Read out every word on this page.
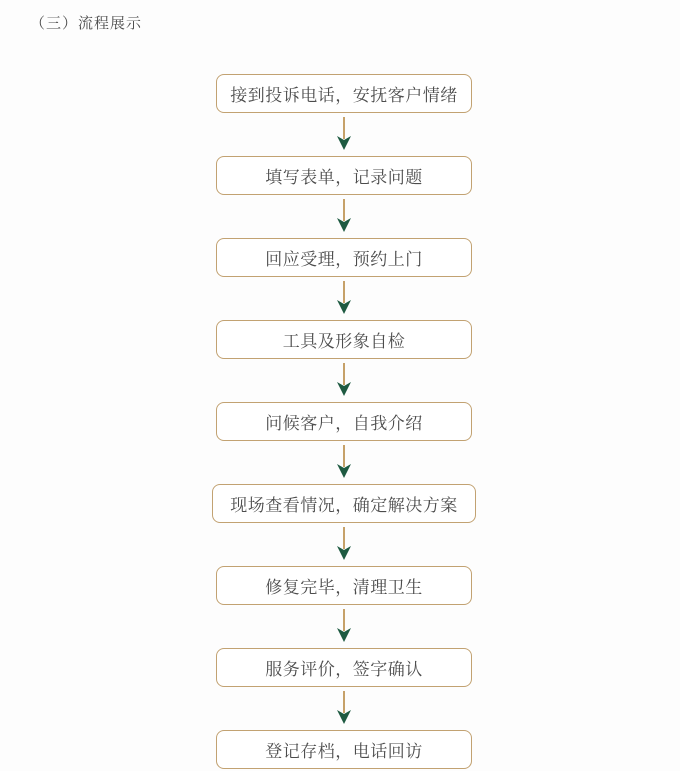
（三）流程展示
接到投诉电话，安抚客户情绪
填写表单，记录问题
回应受理，预约上门
工具及形象自检
问候客户，自我介绍
现场查看情况，确定解决方案
修复完毕，清理卫生
服务评价，签字确认
登记存档，电话回访
